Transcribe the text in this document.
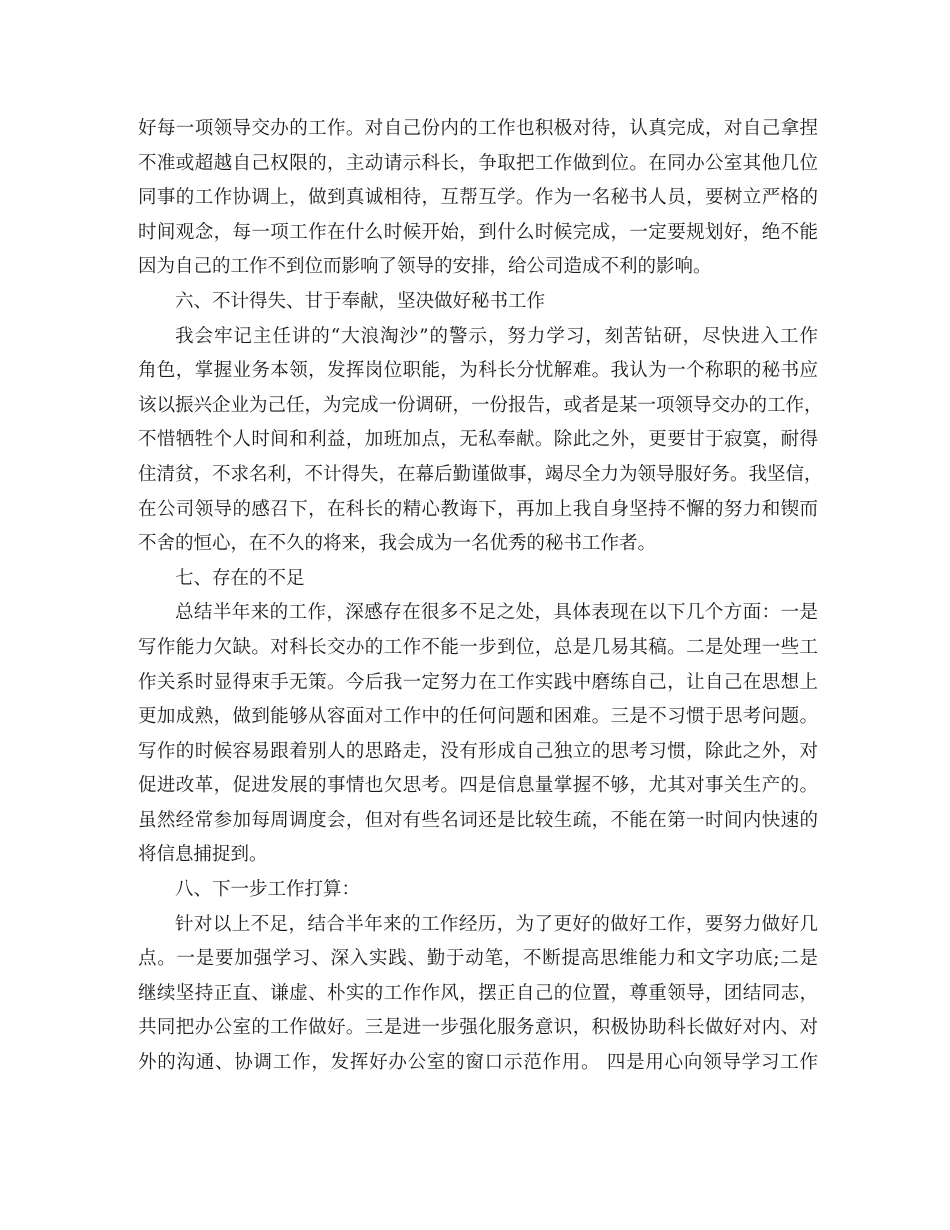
好每一项领导交办的工作。对自己份内的工作也积极对待，认真完成，对自己拿捏
不准或超越自己权限的，主动请示科长，争取把工作做到位。在同办公室其他几位
同事的工作协调上，做到真诚相待，互帮互学。作为一名秘书人员，要树立严格的
时间观念，每一项工作在什么时候开始，到什么时候完成，一定要规划好，绝不能
因为自己的工作不到位而影响了领导的安排，给公司造成不利的影响。
六、不计得失、甘于奉献，坚决做好秘书工作
我会牢记主任讲的“大浪淘沙”的警示，努力学习，刻苦钻研，尽快进入工作
角色，掌握业务本领，发挥岗位职能，为科长分忧解难。我认为一个称职的秘书应
该以振兴企业为己任，为完成一份调研，一份报告，或者是某一项领导交办的工作，
不惜牺牲个人时间和利益，加班加点，无私奉献。除此之外，更要甘于寂寞，耐得
住清贫，不求名利，不计得失，在幕后勤谨做事，竭尽全力为领导服好务。我坚信，
在公司领导的感召下，在科长的精心教诲下，再加上我自身坚持不懈的努力和锲而
不舍的恒心，在不久的将来，我会成为一名优秀的秘书工作者。
七、存在的不足
总结半年来的工作，深感存在很多不足之处，具体表现在以下几个方面：一是
写作能力欠缺。对科长交办的工作不能一步到位，总是几易其稿。二是处理一些工
作关系时显得束手无策。今后我一定努力在工作实践中磨练自己，让自己在思想上
更加成熟，做到能够从容面对工作中的任何问题和困难。三是不习惯于思考问题。
写作的时候容易跟着别人的思路走，没有形成自己独立的思考习惯，除此之外，对
促进改革，促进发展的事情也欠思考。四是信息量掌握不够，尤其对事关生产的。
虽然经常参加每周调度会，但对有些名词还是比较生疏，不能在第一时间内快速的
将信息捕捉到。
八、下一步工作打算：
针对以上不足，结合半年来的工作经历，为了更好的做好工作，要努力做好几
点。一是要加强学习、深入实践、勤于动笔，不断提高思维能力和文字功底;二是
继续坚持正直、谦虚、朴实的工作作风，摆正自己的位置，尊重领导，团结同志，
共同把办公室的工作做好。三是进一步强化服务意识，积极协助科长做好对内、对
外的沟通、协调工作，发挥好办公室的窗口示范作用。 四是用心向领导学习工作
